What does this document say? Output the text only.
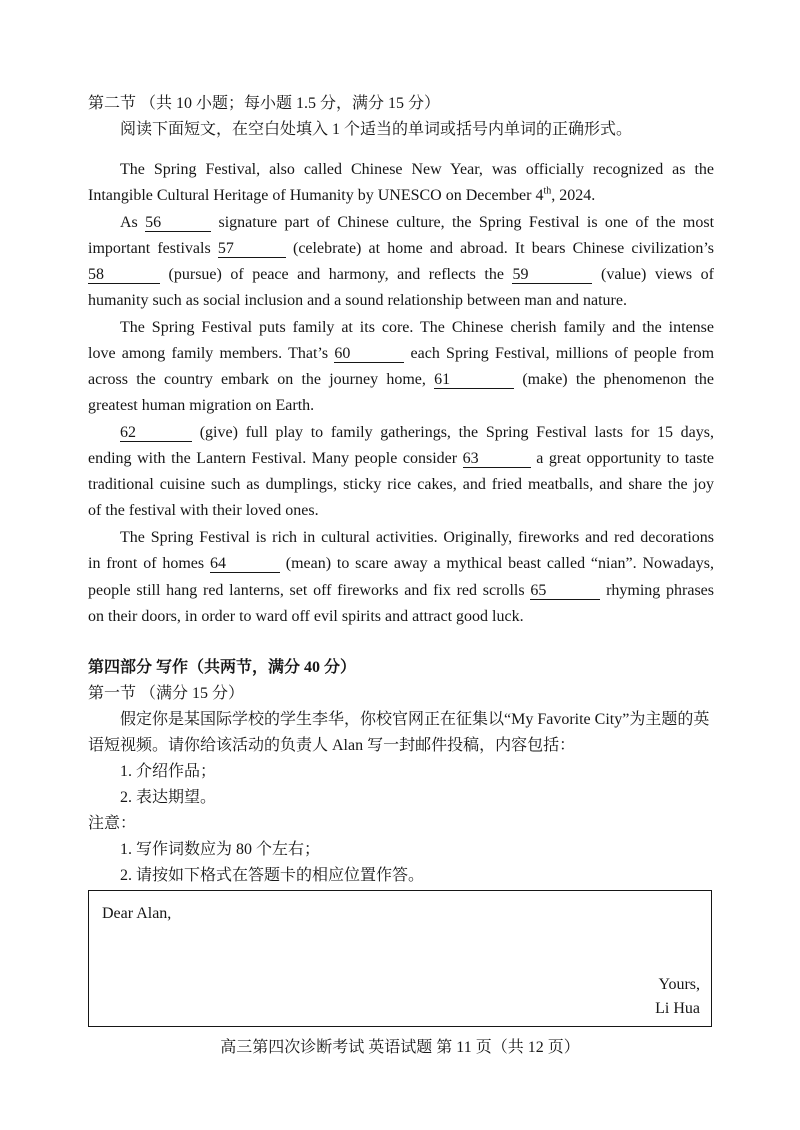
第二节 （共 10 小题；每小题 1.5 分，满分 15 分）
阅读下面短文，在空白处填入 1 个适当的单词或括号内单词的正确形式。
The Spring Festival, also called Chinese New Year, was officially recognized as the
Intangible Cultural Heritage of Humanity by UNESCO on December 4th, 2024.
As 56	signature part of Chinese culture, the Spring Festival is one of the most
important festivals 57	(celebrate) at home and abroad. It bears Chinese civilization’s
58	(pursue) of peace and harmony, and reflects the 59	(value) views of
humanity such as social inclusion and a sound relationship between man and nature.
The Spring Festival puts family at its core. The Chinese cherish family and the intense
love among family members. That’s 60	each Spring Festival, millions of people from
across the country embark on the journey home, 61	(make) the phenomenon the
greatest human migration on Earth.
62	(give) full play to family gatherings, the Spring Festival lasts for 15 days,
ending with the Lantern Festival. Many people consider 63	a great opportunity to taste
traditional cuisine such as dumplings, sticky rice cakes, and fried meatballs, and share the joy
of the festival with their loved ones.
The Spring Festival is rich in cultural activities. Originally, fireworks and red decorations
in front of homes 64	(mean) to scare away a mythical beast called “nian”. Nowadays,
people still hang red lanterns, set off fireworks and fix red scrolls 65	rhyming phrases
on their doors, in order to ward off evil spirits and attract good luck.
第四部分 写作（共两节，满分 40 分）
第一节 （满分 15 分）
假定你是某国际学校的学生李华，你校官网正在征集以“My Favorite City”为主题的英
语短视频。请你给该活动的负责人 Alan 写一封邮件投稿，内容包括：
1. 介绍作品；
2. 表达期望。
注意：
1. 写作词数应为 80 个左右；
2. 请按如下格式在答题卡的相应位置作答。
Dear Alan,
Yours,
Li Hua
高三第四次诊断考试 英语试题 第 11 页（共 12 页）
